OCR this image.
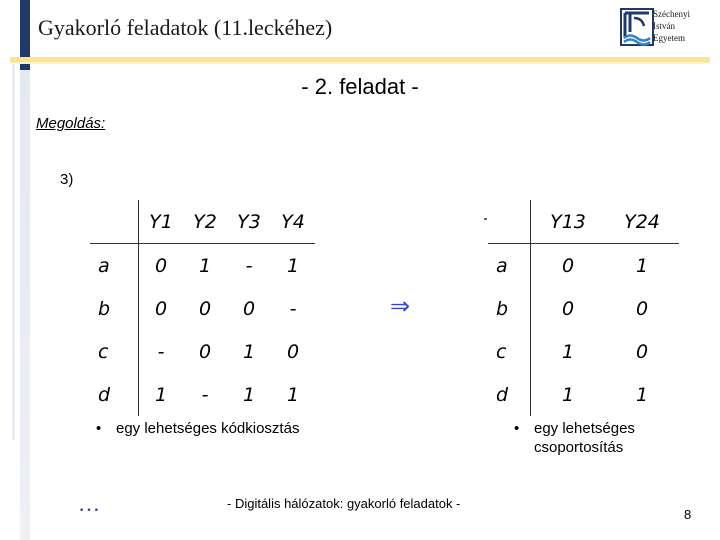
Gyakorló feladatok (11.leckéhez)
Széchenyi
István
Egyetem
- 2. feladat -
Megoldás:
3)
	Y1	Y2	Y3	Y4
a	0	1	-	1
b	0	0	0	-
c	-	0	1	0
d	1	-	1	1
⇒
	Y13	Y24
a	0	1
b	0	0
c	1	0
d	1	1
• egy lehetséges kódkiosztás	• egy lehetséges csoportosítás
…	- Digitális hálózatok: gyakorló feladatok -
8
